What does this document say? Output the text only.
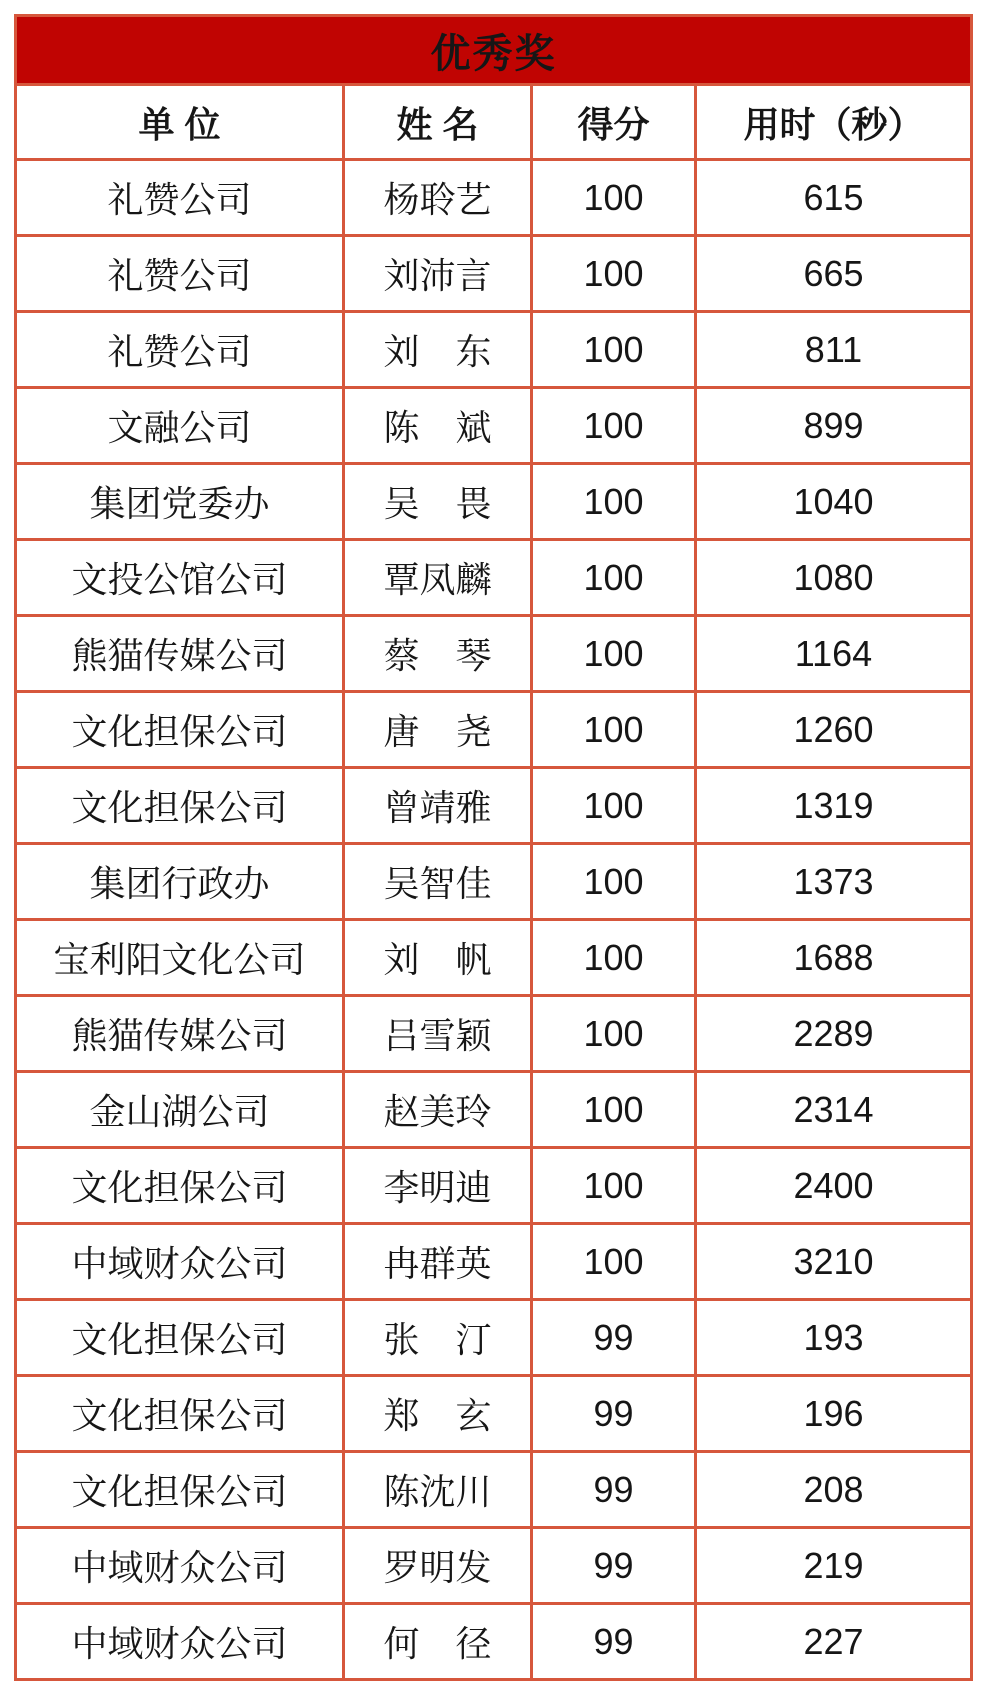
优秀奖			
单 位	姓 名	得分	用时（秒）
礼赞公司	杨聆艺	100	615
礼赞公司	刘沛言	100	665
礼赞公司	刘　东	100	811
文融公司	陈　斌	100	899
集团党委办	吴　畏	100	1040
文投公馆公司	覃凤麟	100	1080
熊猫传媒公司	蔡　琴	100	1164
文化担保公司	唐　尧	100	1260
文化担保公司	曾靖雅	100	1319
集团行政办	吴智佳	100	1373
宝利阳文化公司	刘　帆	100	1688
熊猫传媒公司	吕雪颖	100	2289
金山湖公司	赵美玲	100	2314
文化担保公司	李明迪	100	2400
中域财众公司	冉群英	100	3210
文化担保公司	张　汀	99	193
文化担保公司	郑　玄	99	196
文化担保公司	陈沈川	99	208
中域财众公司	罗明发	99	219
中域财众公司	何　径	99	227
